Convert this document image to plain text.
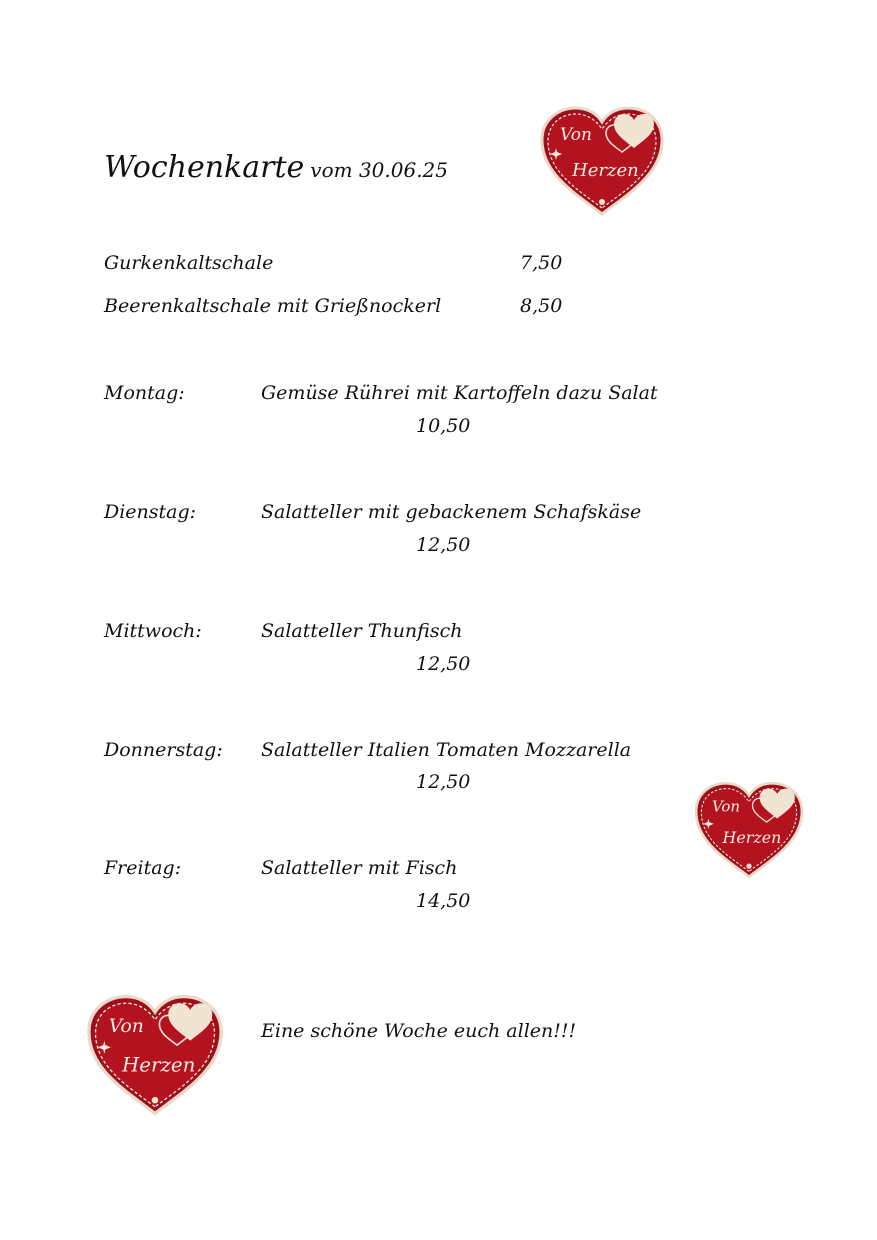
Wochenkarte vom 30.06.25
Gurkenkaltschale	7,50
Beerenkaltschale mit Grießnockerl	8,50
Montag:	Gemüse Rührei mit Kartoffeln dazu Salat
10,50
Dienstag:	Salatteller mit gebackenem Schafskäse
12,50
Mittwoch:	Salatteller Thunfisch
12,50
Donnerstag: Salatteller Italien Tomaten Mozzarella
12,50
Freitag:	Salatteller mit Fisch
14,50
Eine schöne Woche euch allen!!!
Von
Herzen
Von
Herzen
Von
Herzen
